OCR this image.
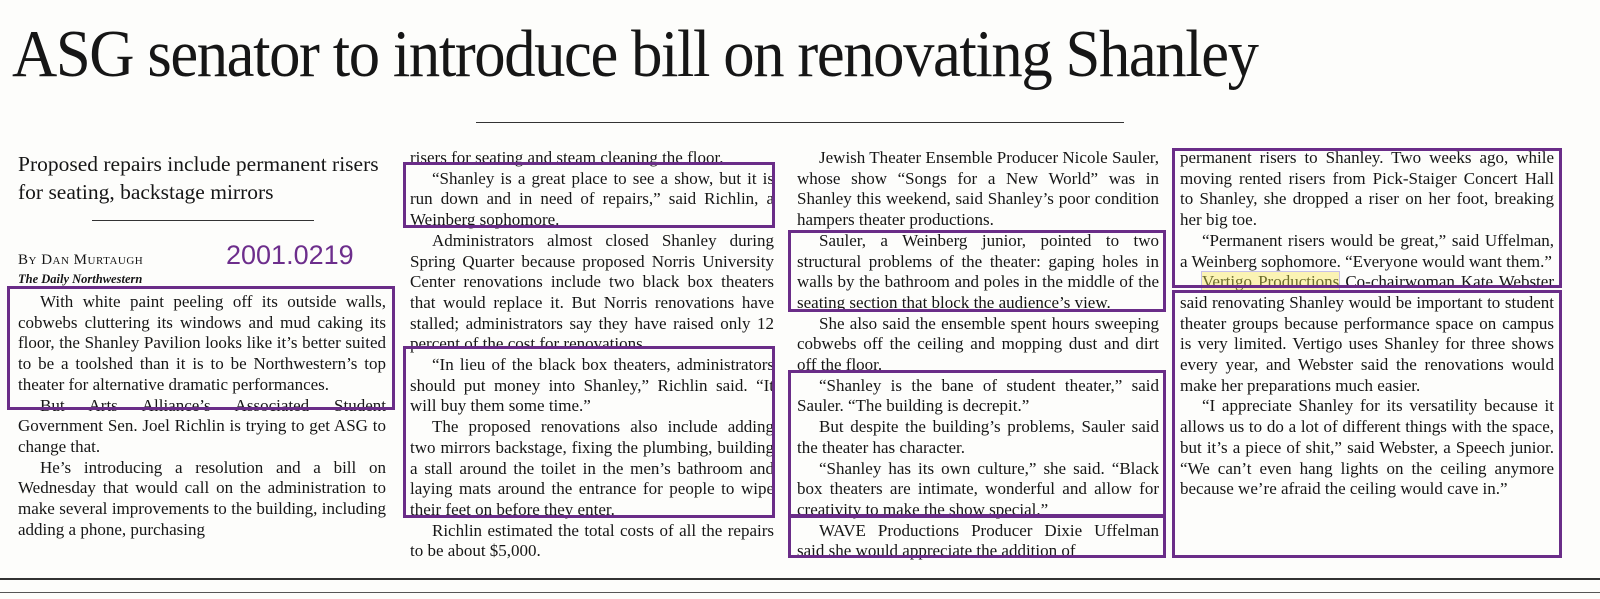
ASG senator to introduce bill on renovating Shanley
Proposed repairs include permanent risers for seating, backstage mirrors
By Dan Murtaugh
The Daily Northwestern
2001.0219

With white paint peeling off its outside walls, cobwebs cluttering its windows and mud caking its floor, the Shanley Pavilion looks like it’s better suited to be a toolshed than it is to be Northwestern’s top theater for alternative dramatic performances.

But Arts Alliance’s Associated Student Government Sen. Joel Richlin is trying to get ASG to change that.

He’s introducing a resolution and a bill on Wednesday that would call on the administration to make several improvements to the building, including adding a phone, purchasing

risers for seating and steam cleaning the floor.

“Shanley is a great place to see a show, but it is run down and in need of repairs,” said Richlin, a Weinberg sophomore.

Administrators almost closed Shanley during Spring Quarter because proposed Norris University Center renovations include two black box theaters that would replace it. But Norris renovations have stalled; administrators say they have raised only 12 percent of the cost for renovations.

“In lieu of the black box theaters, administrators should put money into Shanley,” Richlin said. “It will buy them some time.”

The proposed renovations also include adding two mirrors backstage, fixing the plumbing, building a stall around the toilet in the men’s bathroom and laying mats around the entrance for people to wipe their feet on before they enter.

Richlin estimated the total costs of all the repairs to be about $5,000.

Jewish Theater Ensemble Producer Nicole Sauler, whose show “Songs for a New World” was in Shanley this weekend, said Shanley’s poor condition hampers theater productions.

Sauler, a Weinberg junior, pointed to two structural problems of the theater: gaping holes in walls by the bathroom and poles in the middle of the seating section that block the audience’s view.

She also said the ensemble spent hours sweeping cobwebs off the ceiling and mopping dust and dirt off the floor.

“Shanley is the bane of student theater,” said Sauler. “The building is decrepit.”

But despite the building’s problems, Sauler said the theater has character.

“Shanley has its own culture,” she said. “Black box theaters are intimate, wonderful and allow for creativity to make the show special.”

WAVE Productions Producer Dixie Uffelman said she would appreciate the addition of

permanent risers to Shanley. Two weeks ago, while moving rented risers from Pick-Staiger Concert Hall to Shanley, she dropped a riser on her foot, breaking her big toe.

“Permanent risers would be great,” said Uffelman, a Weinberg sophomore. “Everyone would want them.”

Vertigo Productions Co-chairwoman Kate Webster said renovating Shanley would be important to student theater groups because performance space on campus is very limited. Vertigo uses Shanley for three shows every year, and Webster said the renovations would make her preparations much easier.

“I appreciate Shanley for its versatility because it allows us to do a lot of different things with the space, but it’s a piece of shit,” said Webster, a Speech junior. “We can’t even hang lights on the ceiling anymore because we’re afraid the ceiling would cave in.”
